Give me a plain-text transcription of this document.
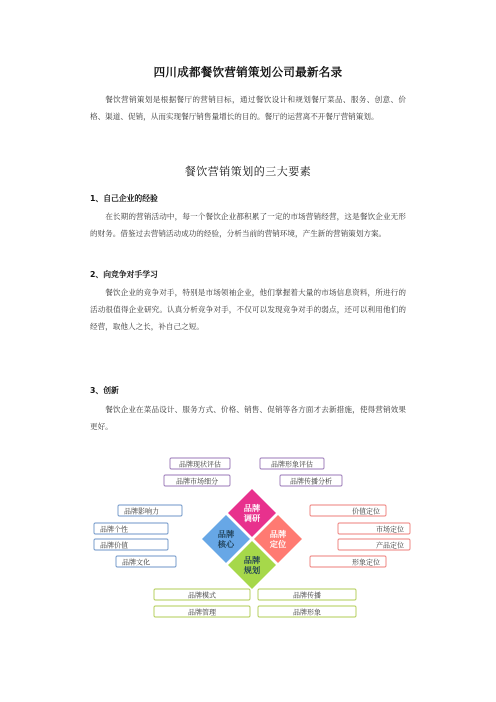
四川成都餐饮营销策划公司最新名录

餐饮营销策划是根据餐厅的营销目标，通过餐饮设计和规划餐厅菜品、服务、创意、价格、渠道、促销，从而实现餐厅销售量增长的目的。餐厅的运营离不开餐厅营销策划。

餐饮营销策划的三大要素
1、自己企业的经验

在长期的营销活动中，每一个餐饮企业都积累了一定的市场营销经营，这是餐饮企业无形的财务。借鉴过去营销活动成功的经验，分析当前的营销环境，产生新的营销策划方案。

2、向竞争对手学习

餐饮企业的竞争对手，特别是市场领袖企业，他们掌握着大量的市场信息资料，所进行的活动很值得企业研究。认真分析竞争对手，不仅可以发现竞争对手的弱点，还可以利用他们的经营，取他人之长，补自己之短。

3、创新

餐饮企业在菜品设计、服务方式、价格、销售、促销等各方面才去新措施，使得营销效果更好。

品牌现状评估	品牌形象评估
品牌市场细分	品牌传播分析
品牌影响力
品牌个性
品牌价值
品牌文化
价值定位
市场定位
产品定位
形象定位
品牌模式	品牌传播
品牌管理	品牌形象
品牌
调研
品牌
定位
品牌
规划
品牌
核心
